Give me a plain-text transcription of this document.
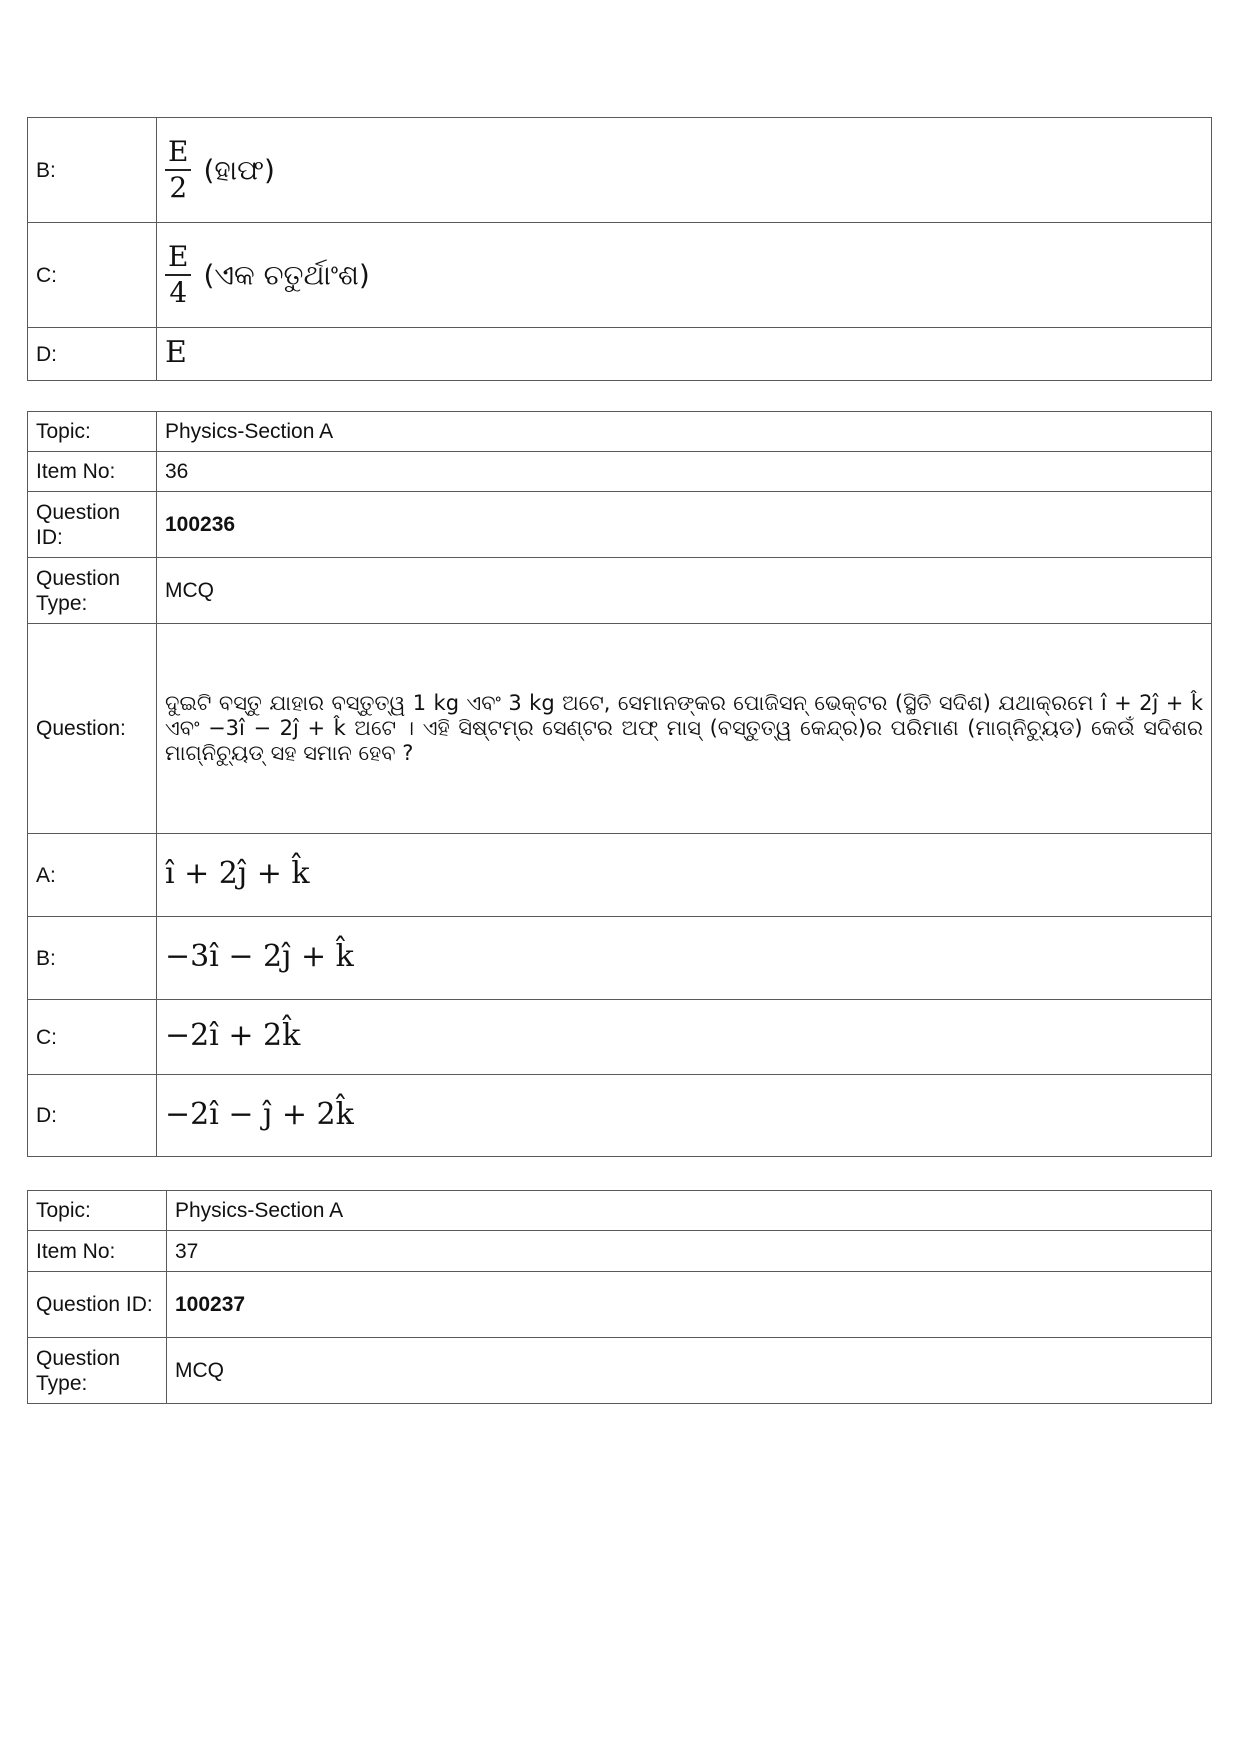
B:	$\frac{E}{2}$ (ହାଫ)
C:	$\frac{E}{4}$ (ଏକ ଚତୁର୍ଥାଂଶ)
D:	E
Topic:	Physics-Section A
Item No:	36
Question ID:	100236
Question Type:	MCQ
Question:	ଦୁଇଟି ବସ୍ତୁ ଯାହାର ବସ୍ତୁତ୍ୱ 1 kg ଏବଂ 3 kg ଅଟେ, ସେମାନଙ୍କର ପୋଜିସନ୍ ଭେକ୍ଟର (ସ୍ଥିତି ସଦିଶ) ଯଥାକ୍ରମେ î + 2ĵ + k̂ ଏବଂ −3î − 2ĵ + k̂ ଅଟେ । ଏହି ସିଷ୍ଟମ୍‌ର ସେଣ୍ଟର ଅଫ୍ ମାସ୍ (ବସ୍ତୁତ୍ୱ କେନ୍ଦ୍ର)ର ପରିମାଣ (ମାଗ୍ନିଚ୍ୟୁଡ) କେଉଁ ସଦିଶର ମାଗ୍ନିଚ୍ୟୁଡ୍ ସହ ସମାନ ହେବ ?
A:	î + 2ĵ + k̂
B:	−3î − 2ĵ + k̂
C:	−2î + 2k̂
D:	−2î − ĵ + 2k̂
Topic:	Physics-Section A
Item No:	37
Question ID:	100237
Question Type:	MCQ
